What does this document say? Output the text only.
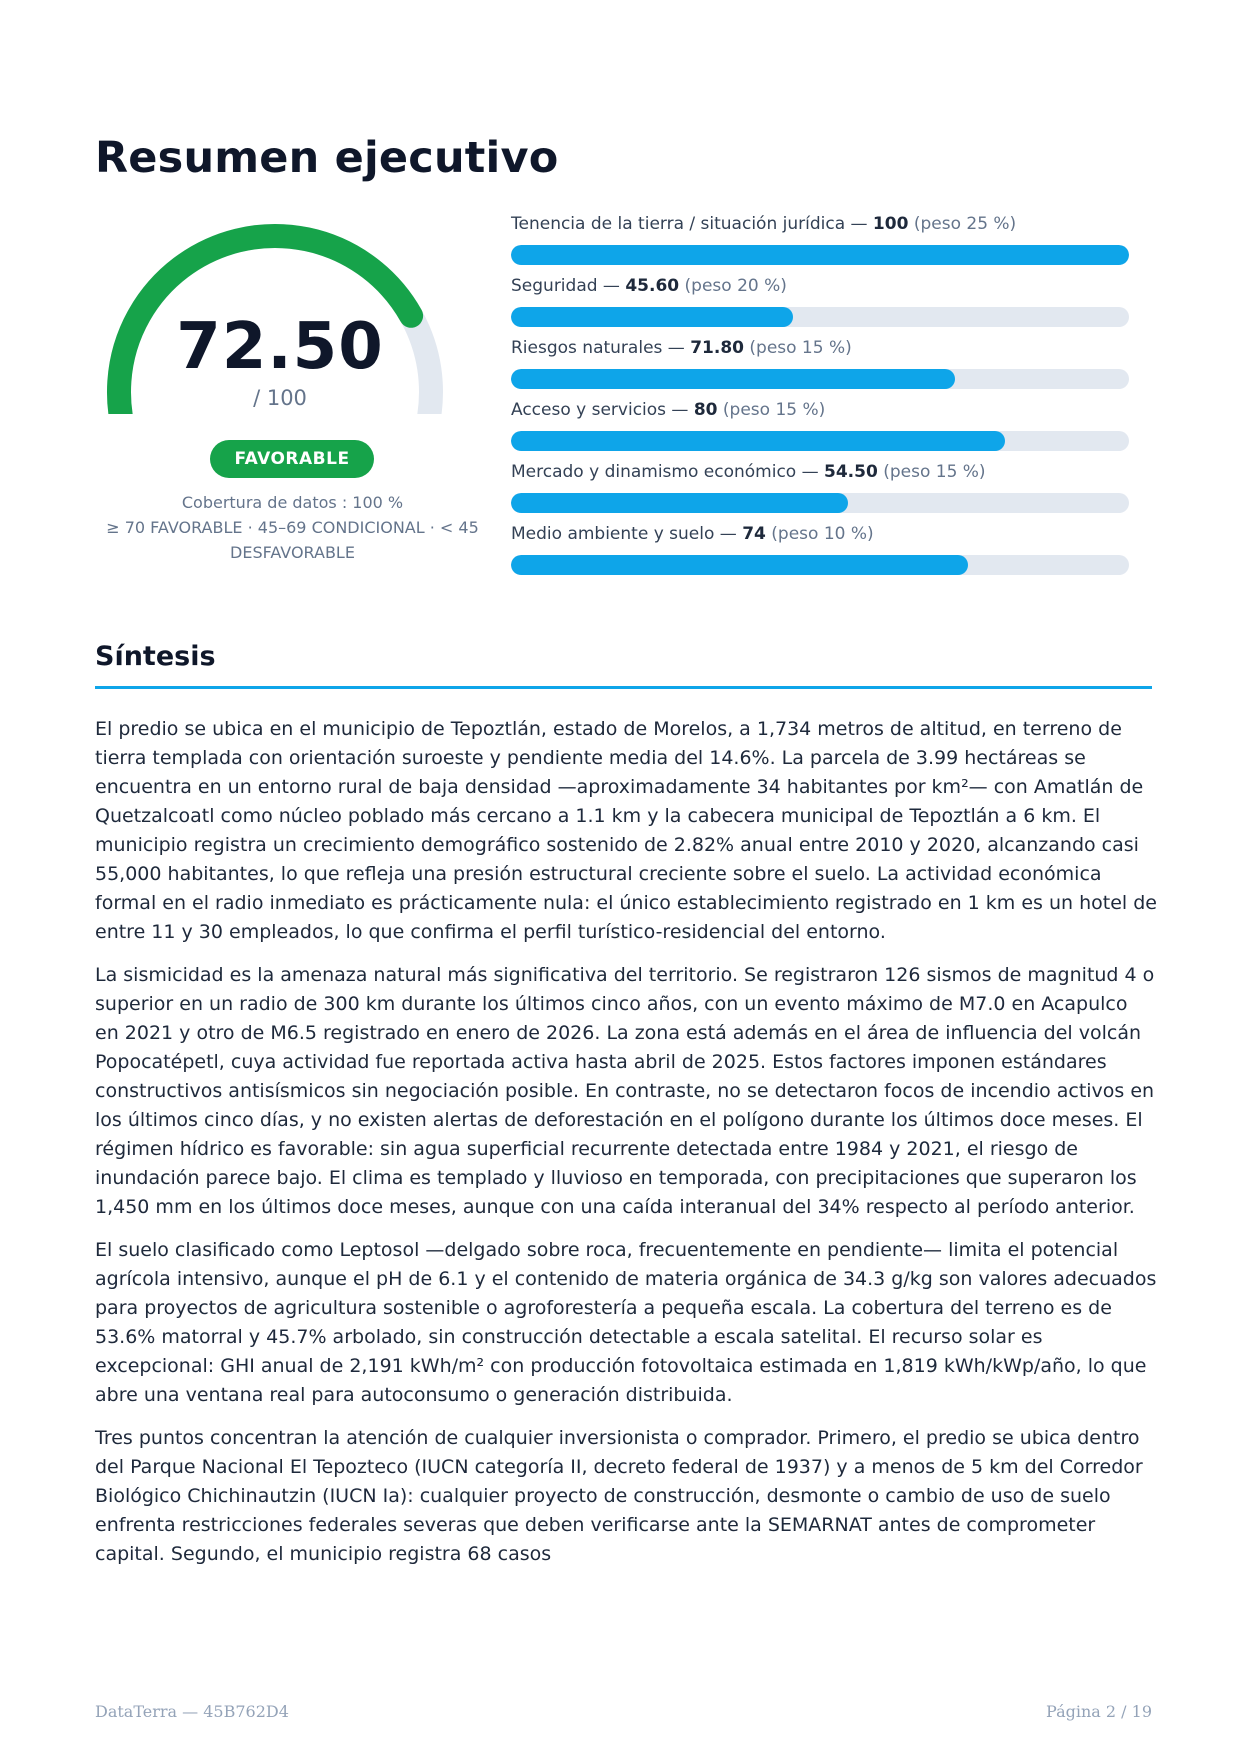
Resumen ejecutivo
72.50
/ 100
FAVORABLE
Cobertura de datos : 100 %
≥ 70 FAVORABLE · 45–69 CONDICIONAL · < 45 DESFAVORABLE
Tenencia de la tierra / situación jurídica — 100 (peso 25 %)
Seguridad — 45.60 (peso 20 %)
Riesgos naturales — 71.80 (peso 15 %)
Acceso y servicios — 80 (peso 15 %)
Mercado y dinamismo económico — 54.50 (peso 15 %)
Medio ambiente y suelo — 74 (peso 10 %)
Síntesis

El predio se ubica en el municipio de Tepoztlán, estado de Morelos, a 1,734 metros de altitud, en terreno de tierra templada con orientación suroeste y pendiente media del 14.6%. La parcela de 3.99 hectáreas se encuentra en un entorno rural de baja densidad —aproximadamente 34 habitantes por km²— con Amatlán de Quetzalcoatl como núcleo poblado más cercano a 1.1 km y la cabecera municipal de Tepoztlán a 6 km. El municipio registra un crecimiento demográfico sostenido de 2.82% anual entre 2010 y 2020, alcanzando casi 55,000 habitantes, lo que refleja una presión estructural creciente sobre el suelo. La actividad económica formal en el radio inmediato es prácticamente nula: el único establecimiento registrado en 1 km es un hotel de entre 11 y 30 empleados, lo que confirma el perfil turístico-residencial del entorno.

La sismicidad es la amenaza natural más significativa del territorio. Se registraron 126 sismos de magnitud 4 o superior en un radio de 300 km durante los últimos cinco años, con un evento máximo de M7.0 en Acapulco en 2021 y otro de M6.5 registrado en enero de 2026. La zona está además en el área de influencia del volcán Popocatépetl, cuya actividad fue reportada activa hasta abril de 2025. Estos factores imponen estándares constructivos antisísmicos sin negociación posible. En contraste, no se detectaron focos de incendio activos en los últimos cinco días, y no existen alertas de deforestación en el polígono durante los últimos doce meses. El régimen hídrico es favorable: sin agua superficial recurrente detectada entre 1984 y 2021, el riesgo de inundación parece bajo. El clima es templado y lluvioso en temporada, con precipitaciones que superaron los 1,450 mm en los últimos doce meses, aunque con una caída interanual del 34% respecto al período anterior.

El suelo clasificado como Leptosol —delgado sobre roca, frecuentemente en pendiente— limita el potencial agrícola intensivo, aunque el pH de 6.1 y el contenido de materia orgánica de 34.3 g/kg son valores adecuados para proyectos de agricultura sostenible o agroforestería a pequeña escala. La cobertura del terreno es de 53.6% matorral y 45.7% arbolado, sin construcción detectable a escala satelital. El recurso solar es excepcional: GHI anual de 2,191 kWh/m² con producción fotovoltaica estimada en 1,819 kWh/kWp/año, lo que abre una ventana real para autoconsumo o generación distribuida.

Tres puntos concentran la atención de cualquier inversionista o comprador. Primero, el predio se ubica dentro del Parque Nacional El Tepozteco (IUCN categoría II, decreto federal de 1937) y a menos de 5 km del Corredor Biológico Chichinautzin (IUCN Ia): cualquier proyecto de construcción, desmonte o cambio de uso de suelo enfrenta restricciones federales severas que deben verificarse ante la SEMARNAT antes de comprometer capital. Segundo, el municipio registra 68 casos

DataTerra — 45B762D4	Página 2 / 19
